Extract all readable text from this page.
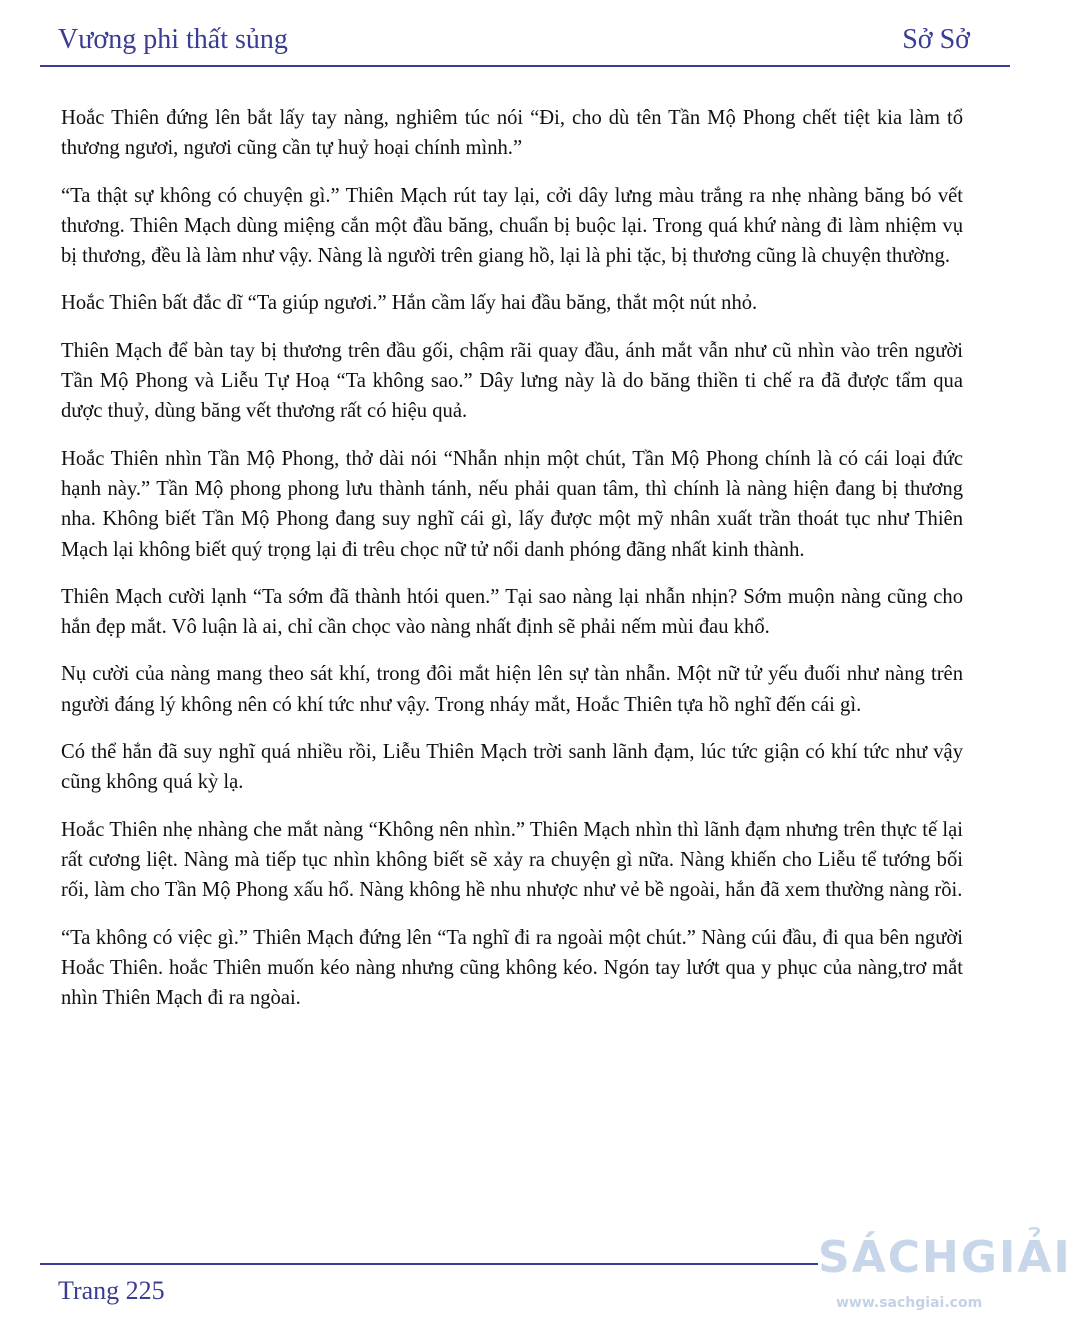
Vương phi thất sủng	Sở Sở

Hoắc Thiên đứng lên bắt lấy tay nàng, nghiêm túc nói “Đi, cho dù tên Tần Mộ Phong chết tiệt kia làm tổ thương ngươi, ngươi cũng cần tự huỷ hoại chính mình.”

“Ta thật sự không có chuyện gì.” Thiên Mạch rút tay lại, cởi dây lưng màu trắng ra nhẹ nhàng băng bó vết thương. Thiên Mạch dùng miệng cắn một đầu băng, chuẩn bị buộc lại. Trong quá khứ nàng đi làm nhiệm vụ bị thương, đều là làm như vậy. Nàng là người trên giang hồ, lại là phi tặc, bị thương cũng là chuyện thường.

Hoắc Thiên bất đắc dĩ “Ta giúp ngươi.” Hắn cầm lấy hai đầu băng, thắt một nút nhỏ.

Thiên Mạch để bàn tay bị thương trên đầu gối, chậm rãi quay đầu, ánh mắt vẫn như cũ nhìn vào trên người Tần Mộ Phong và Liễu Tự Hoạ “Ta không sao.” Dây lưng này là do băng thiền ti chế ra đã được tẩm qua dược thuỷ, dùng băng vết thương rất có hiệu quả.

Hoắc Thiên nhìn Tần Mộ Phong, thở dài nói “Nhẫn nhịn một chút, Tần Mộ Phong chính là có cái loại đức hạnh này.” Tần Mộ phong phong lưu thành tánh, nếu phải quan tâm, thì chính là nàng hiện đang bị thương nha. Không biết Tần Mộ Phong đang suy nghĩ cái gì, lấy được một mỹ nhân xuất trần thoát tục như Thiên Mạch lại không biết quý trọng lại đi trêu chọc nữ tử nổi danh phóng đãng nhất kinh thành.

Thiên Mạch cười lạnh “Ta sớm đã thành htói quen.” Tại sao nàng lại nhẫn nhịn? Sớm muộn nàng cũng cho hắn đẹp mắt. Vô luận là ai, chỉ cần chọc vào nàng nhất định sẽ phải nếm mùi đau khổ.

Nụ cười của nàng mang theo sát khí, trong đôi mắt hiện lên sự tàn nhẫn. Một nữ tử yếu đuối như nàng trên người đáng lý không nên có khí tức như vậy. Trong nháy mắt, Hoắc Thiên tựa hồ nghĩ đến cái gì.

Có thể hắn đã suy nghĩ quá nhiều rồi, Liễu Thiên Mạch trời sanh lãnh đạm, lúc tức giận có khí tức như vậy cũng không quá kỳ lạ.

Hoắc Thiên nhẹ nhàng che mắt nàng “Không nên nhìn.” Thiên Mạch nhìn thì lãnh đạm nhưng trên thực tế lại rất cương liệt. Nàng mà tiếp tục nhìn không biết sẽ xảy ra chuyện gì nữa. Nàng khiến cho Liễu tể tướng bối rối, làm cho Tần Mộ Phong xấu hổ. Nàng không hề nhu nhược như vẻ bề ngoài, hắn đã xem thường nàng rồi.

“Ta không có việc gì.” Thiên Mạch đứng lên “Ta nghĩ đi ra ngoài một chút.” Nàng cúi đầu, đi qua bên người Hoắc Thiên. hoắc Thiên muốn kéo nàng nhưng cũng không kéo. Ngón tay lướt qua y phục của nàng,trơ mắt nhìn Thiên Mạch đi ra ngòai.

Trang 225
SÁCHGIẢI
www.sachgiai.com
